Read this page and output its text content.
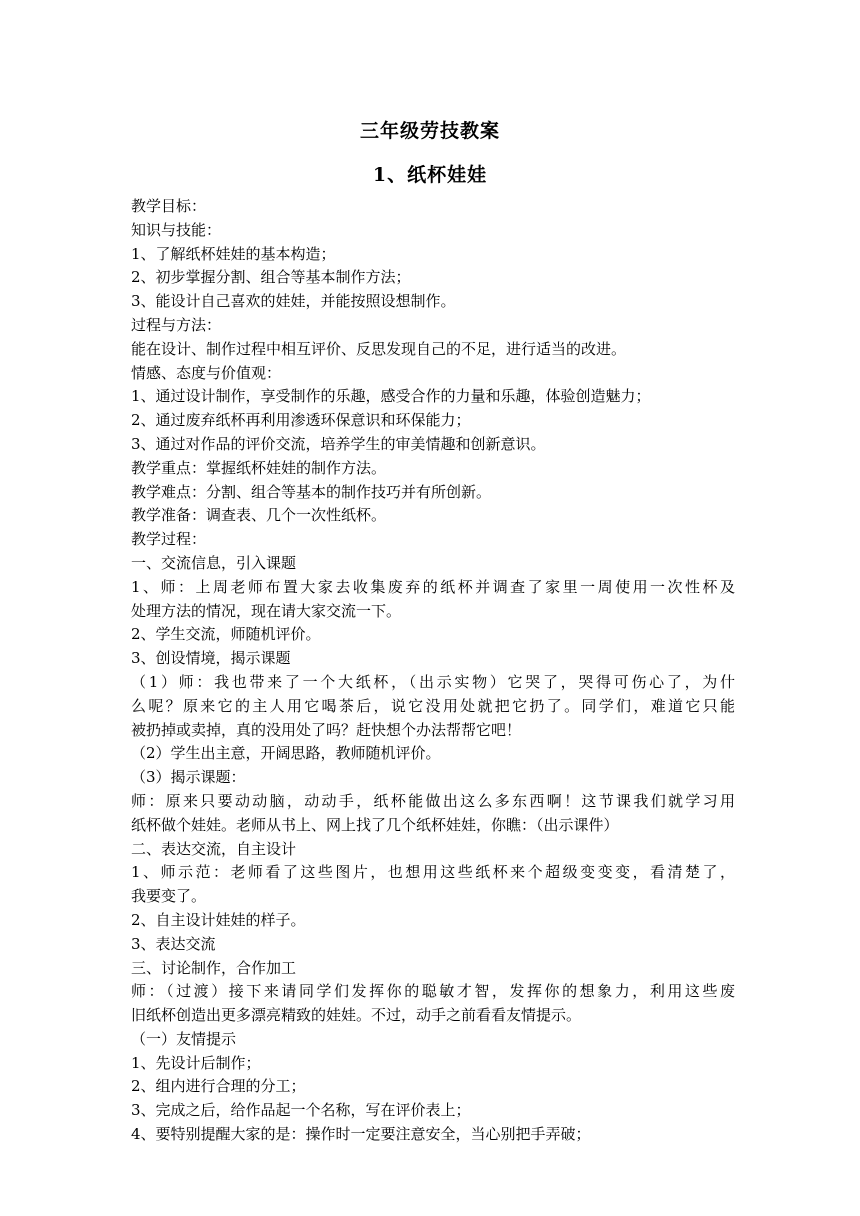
三年级劳技教案
1、纸杯娃娃

教学目标：

知识与技能：

1、了解纸杯娃娃的基本构造；

2、初步掌握分割、组合等基本制作方法；

3、能设计自己喜欢的娃娃，并能按照设想制作。

过程与方法：

能在设计、制作过程中相互评价、反思发现自己的不足，进行适当的改进。

情感、态度与价值观：

1、通过设计制作，享受制作的乐趣，感受合作的力量和乐趣，体验创造魅力；

2、通过废弃纸杯再利用渗透环保意识和环保能力；

3、通过对作品的评价交流，培养学生的审美情趣和创新意识。

教学重点：掌握纸杯娃娃的制作方法。

教学难点：分割、组合等基本的制作技巧并有所创新。

教学准备：调查表、几个一次性纸杯。

教学过程：

一、交流信息，引入课题

1、师：上周老师布置大家去收集废弃的纸杯并调查了家里一周使用一次性杯及

处理方法的情况，现在请大家交流一下。

2、学生交流，师随机评价。

3、创设情境，揭示课题

（1）师：我也带来了一个大纸杯，（出示实物）它哭了，哭得可伤心了，为什

么呢？原来它的主人用它喝茶后，说它没用处就把它扔了。同学们，难道它只能

被扔掉或卖掉，真的没用处了吗？赶快想个办法帮帮它吧！

（2）学生出主意，开阔思路，教师随机评价。

（3）揭示课题：

师：原来只要动动脑，动动手，纸杯能做出这么多东西啊！这节课我们就学习用

纸杯做个娃娃。老师从书上、网上找了几个纸杯娃娃，你瞧：（出示课件）

二、表达交流，自主设计

1、师示范：老师看了这些图片，也想用这些纸杯来个超级变变变，看清楚了，

我要变了。

2、自主设计娃娃的样子。

3、表达交流

三、讨论制作，合作加工

师：（过渡）接下来请同学们发挥你的聪敏才智，发挥你的想象力，利用这些废

旧纸杯创造出更多漂亮精致的娃娃。不过，动手之前看看友情提示。

（一）友情提示

1、先设计后制作；

2、组内进行合理的分工；

3、完成之后，给作品起一个名称，写在评价表上；

4、要特别提醒大家的是：操作时一定要注意安全，当心别把手弄破；
